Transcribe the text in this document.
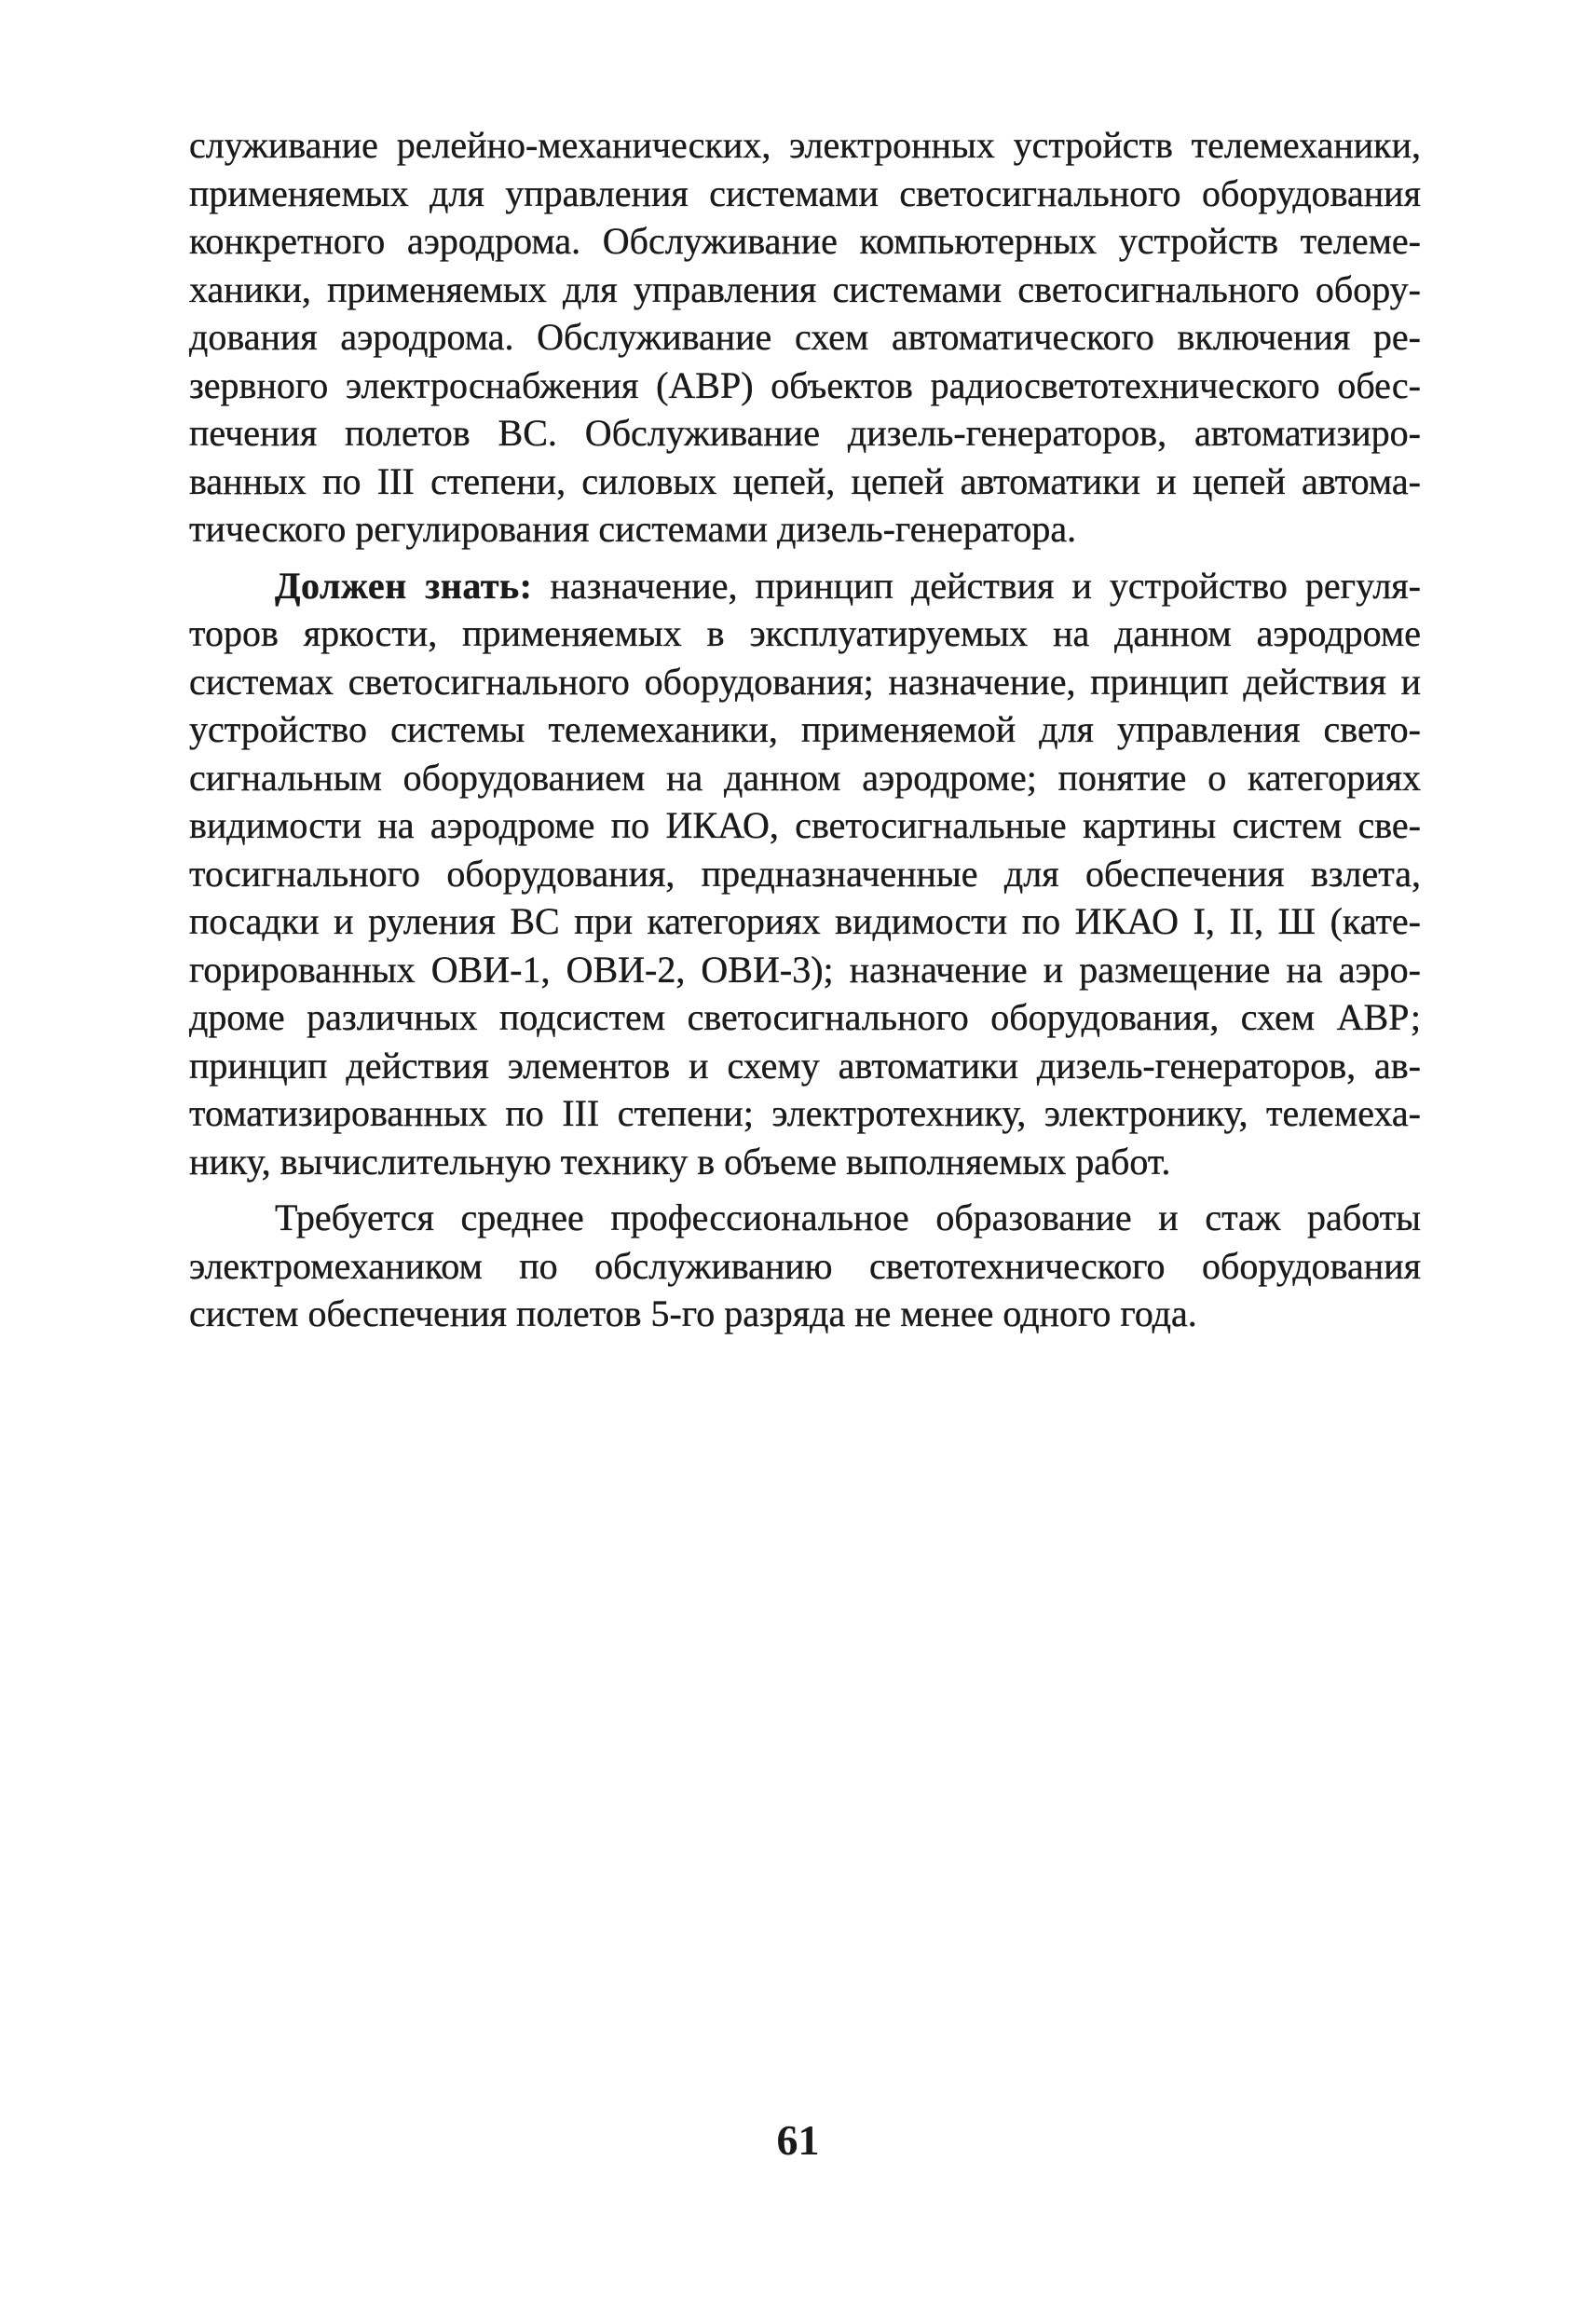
служивание релейно-механических, электронных устройств телемеханики,
применяемых для управления системами светосигнального оборудования
конкретного аэродрома. Обслуживание компьютерных устройств телеме-
ханики, применяемых для управления системами светосигнального обору-
дования аэродрома. Обслуживание схем автоматического включения ре-
зервного электроснабжения (АВР) объектов радиосветотехнического обес-
печения полетов ВС. Обслуживание дизель-генераторов, автоматизиро-
ванных по III степени, силовых цепей, цепей автоматики и цепей автома-
тического регулирования системами дизель-генератора.

Должен знать: назначение, принцип действия и устройство регуля-
торов яркости, применяемых в эксплуатируемых на данном аэродроме
системах светосигнального оборудования; назначение, принцип действия и
устройство системы телемеханики, применяемой для управления свето-
сигнальным оборудованием на данном аэродроме; понятие о категориях
видимости на аэродроме по ИКАО, светосигнальные картины систем све-
тосигнального оборудования, предназначенные для обеспечения взлета,
посадки и руления ВС при категориях видимости по ИКАО I, II, Ш (кате-
горированных ОВИ-1, ОВИ-2, ОВИ-3); назначение и размещение на аэро-
дроме различных подсистем светосигнального оборудования, схем АВР;
принцип действия элементов и схему автоматики дизель-генераторов, ав-
томатизированных по III степени; электротехнику, электронику, телемеха-
нику, вычислительную технику в объеме выполняемых работ.

Требуется среднее профессиональное образование и стаж работы
электромехаником по обслуживанию светотехнического оборудования
систем обеспечения полетов 5-го разряда не менее одного года.

61
